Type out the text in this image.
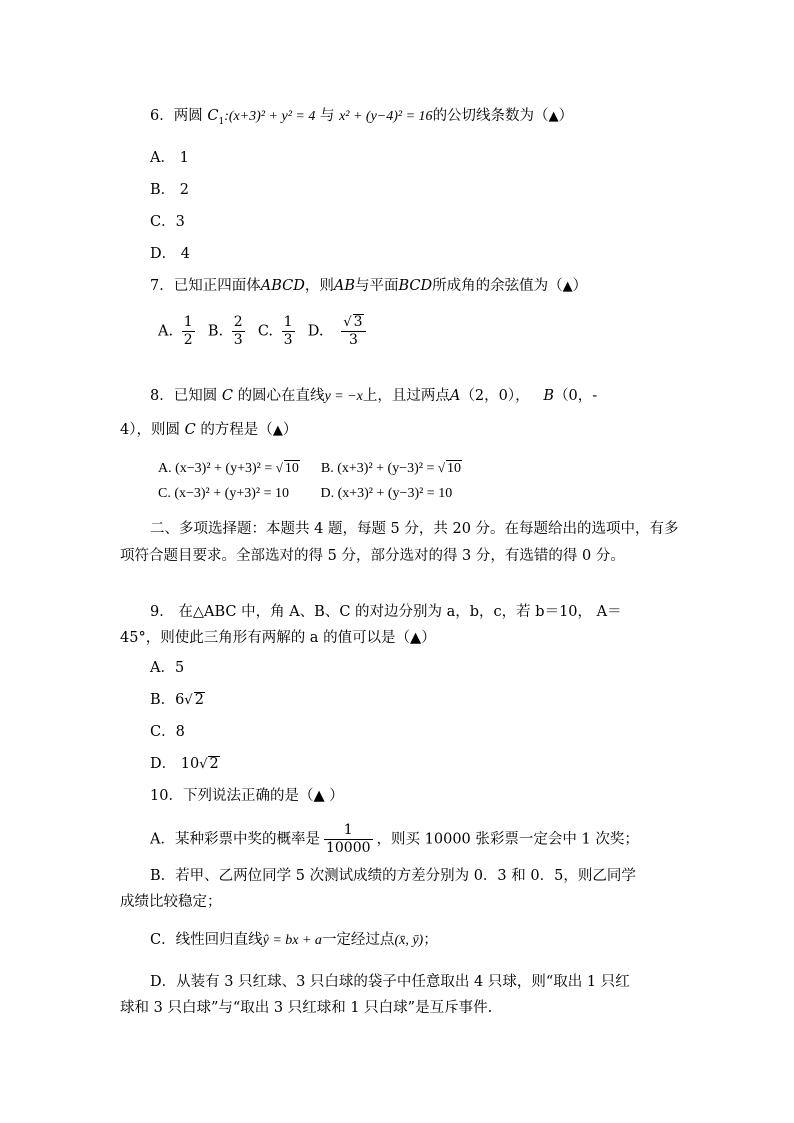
6．两圆 $C_1:(x+3)^2 + y^2 = 4$ 与 x² + (y−4)² = 16的公切线条数为（▲）
A． 1
B． 2
C．3
D． 4
7．已知正四面体ABCD，则AB与平面BCD所成角的余弦值为（▲）
A. $\frac{1}{2} B$. $\frac{2}{3} C$. $\frac{1}{3} D$. $\frac{√ 3}{3}$
8．已知圆 C 的圆心在直线y = −x上，且过两点A（2，0）， B（0，-
4），则圆 C 的方程是（▲）
A. (x−3)² + (y+3)² = √ 10 B. (x+3)² + (y−3)² = √ 10
C. (x−3)² + (y+3)² = 10 D. (x+3)² + (y−3)² = 10
二、多项选择题：本题共 4 题，每题 5 分，共 20 分。在每题给出的选项中，有多项符合题目要求。全部选对的得 5 分，部分选对的得 3 分，有选错的得 0 分。
9． 在△ABC 中，角 A、B、C 的对边分别为 a，b，c，若 b＝10， A＝
45°，则使此三角形有两解的 a 的值可以是（▲）
A．5
B．6√ 2
C．8
D． 10√ 2
10．下列说法正确的是（▲ ）
A．某种彩票中奖的概率是 $\frac{1}{10000}$ ，则买 10000 张彩票一定会中 1 次奖；
B．若甲、乙两位同学 5 次测试成绩的方差分别为 0．3 和 0．5，则乙同学
成绩比较稳定；
C．线性回归直线ŷ = bx + a一定经过点(x̄, ȳ)；
D．从装有 3 只红球、3 只白球的袋子中任意取出 4 只球，则“取出 1 只红
球和 3 只白球”与“取出 3 只红球和 1 只白球”是互斥事件.
